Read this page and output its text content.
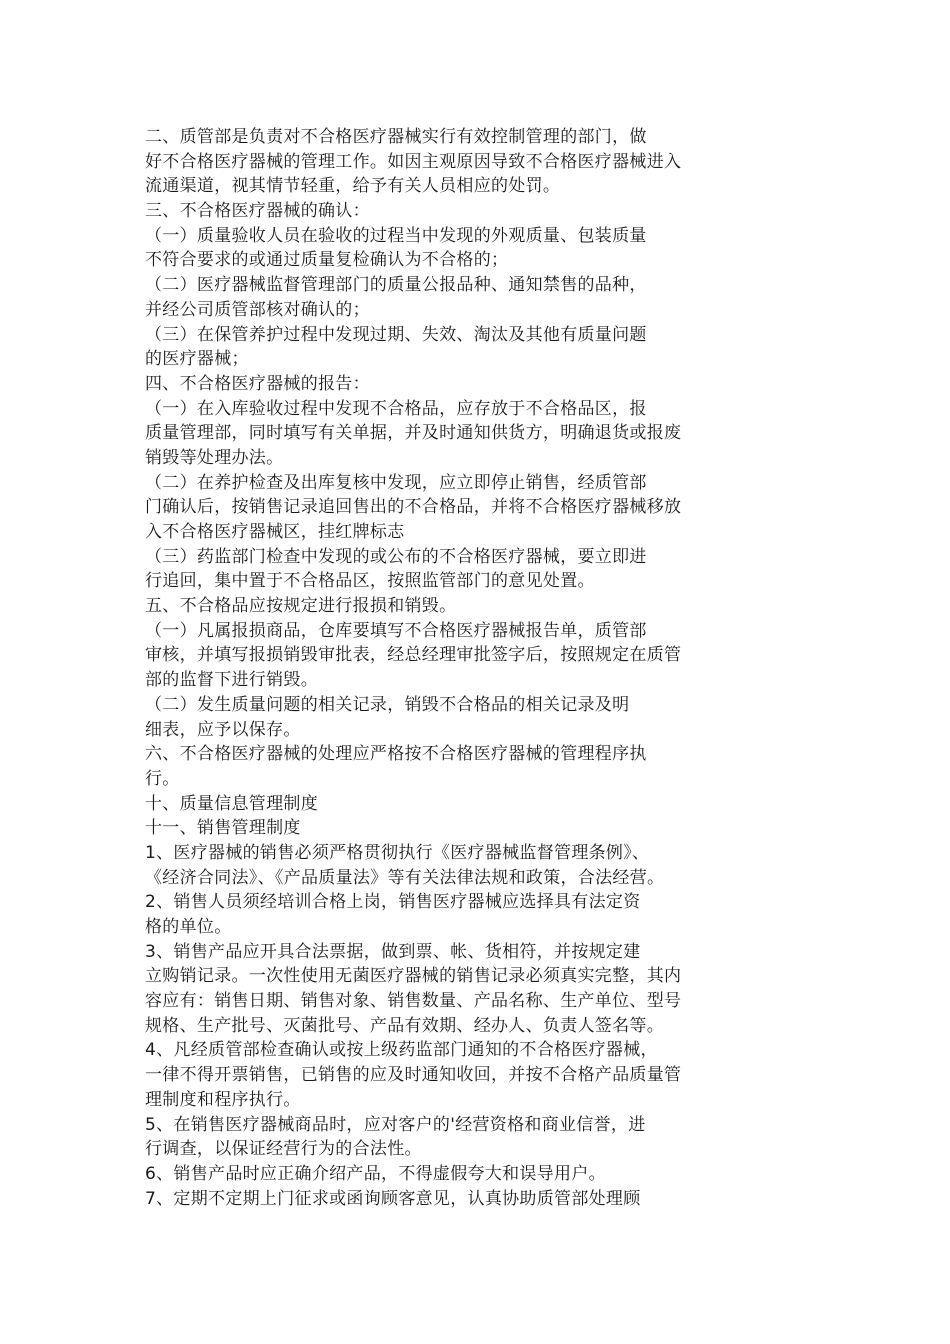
二、质管部是负责对不合格医疗器械实行有效控制管理的部门，做
好不合格医疗器械的管理工作。如因主观原因导致不合格医疗器械进入
流通渠道，视其情节轻重，给予有关人员相应的处罚。
三、不合格医疗器械的确认：
（一）质量验收人员在验收的过程当中发现的外观质量、包装质量
不符合要求的或通过质量复检确认为不合格的；
（二）医疗器械监督管理部门的质量公报品种、通知禁售的品种，
并经公司质管部核对确认的；
（三）在保管养护过程中发现过期、失效、淘汰及其他有质量问题
的医疗器械；
四、不合格医疗器械的报告：
（一）在入库验收过程中发现不合格品，应存放于不合格品区，报
质量管理部，同时填写有关单据，并及时通知供货方，明确退货或报废
销毁等处理办法。
（二）在养护检查及出库复核中发现，应立即停止销售，经质管部
门确认后，按销售记录追回售出的不合格品，并将不合格医疗器械移放
入不合格医疗器械区，挂红牌标志
（三）药监部门检查中发现的或公布的不合格医疗器械，要立即进
行追回，集中置于不合格品区，按照监管部门的意见处置。
五、不合格品应按规定进行报损和销毁。
（一）凡属报损商品，仓库要填写不合格医疗器械报告单，质管部
审核，并填写报损销毁审批表，经总经理审批签字后，按照规定在质管
部的监督下进行销毁。
（二）发生质量问题的相关记录，销毁不合格品的相关记录及明
细表，应予以保存。
六、不合格医疗器械的处理应严格按不合格医疗器械的管理程序执
行。
十、质量信息管理制度
十一、销售管理制度
1、医疗器械的销售必须严格贯彻执行《医疗器械监督管理条例》、
《经济合同法》、《产品质量法》等有关法律法规和政策，合法经营。
2、销售人员须经培训合格上岗，销售医疗器械应选择具有法定资
格的单位。
3、销售产品应开具合法票据，做到票、帐、货相符，并按规定建
立购销记录。一次性使用无菌医疗器械的销售记录必须真实完整，其内
容应有：销售日期、销售对象、销售数量、产品名称、生产单位、型号
规格、生产批号、灭菌批号、产品有效期、经办人、负责人签名等。
4、凡经质管部检查确认或按上级药监部门通知的不合格医疗器械，
一律不得开票销售，已销售的应及时通知收回，并按不合格产品质量管
理制度和程序执行。
5、在销售医疗器械商品时，应对客户的'经营资格和商业信誉，进
行调查，以保证经营行为的合法性。
6、销售产品时应正确介绍产品，不得虚假夸大和误导用户。
7、定期不定期上门征求或函询顾客意见，认真协助质管部处理顾
